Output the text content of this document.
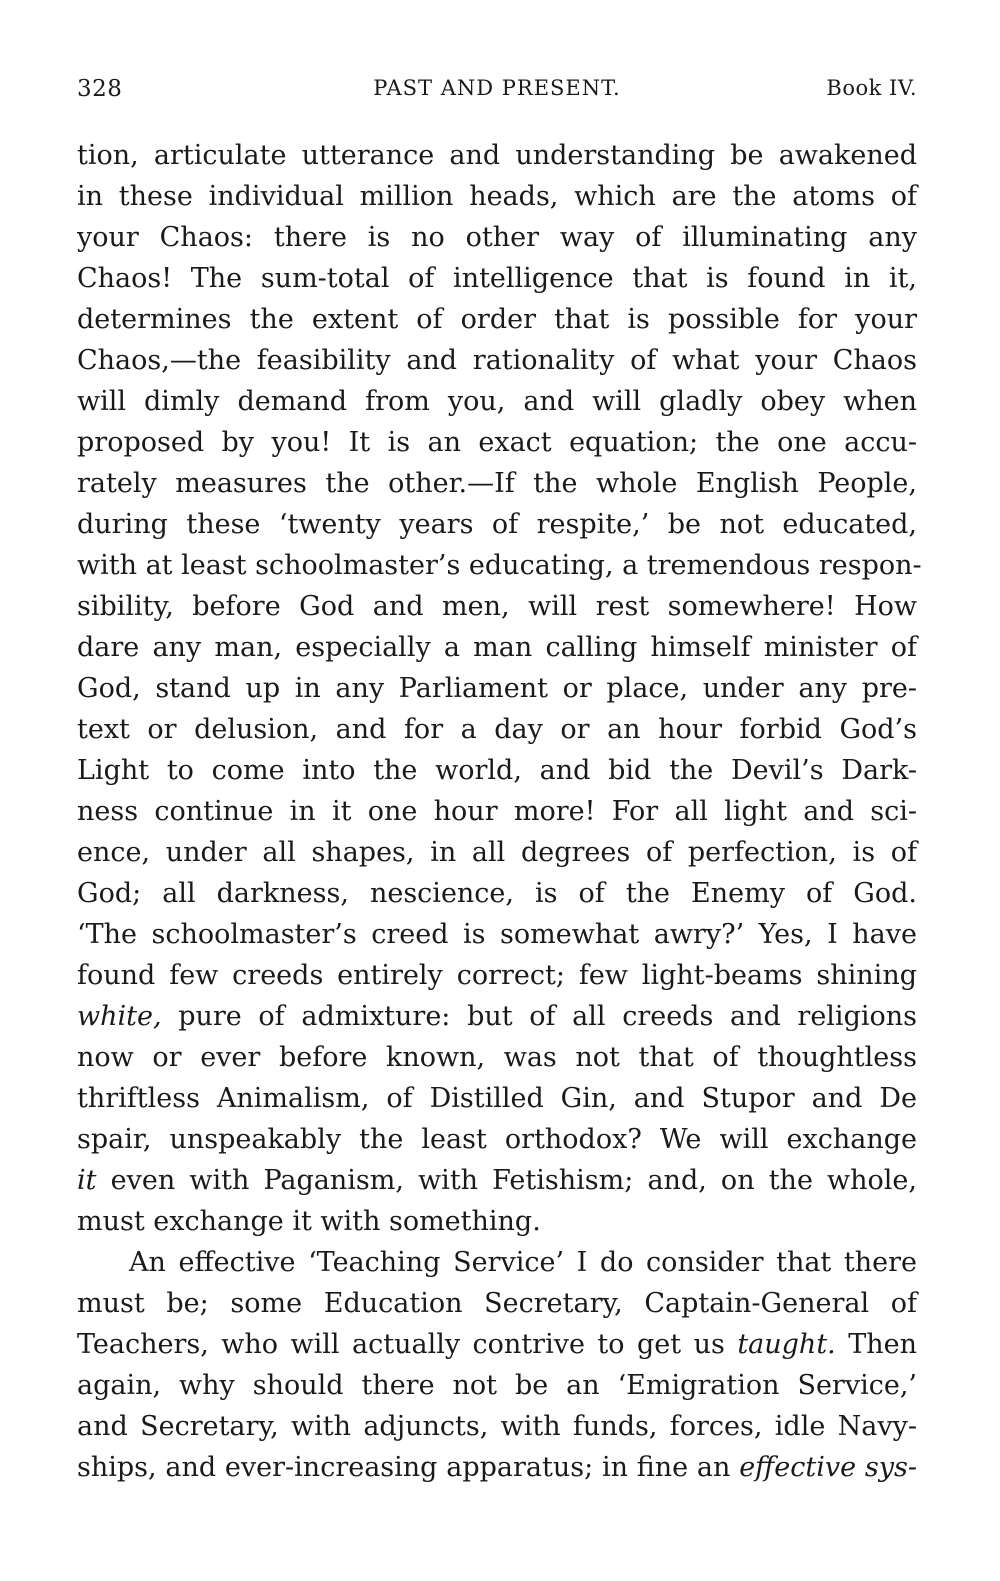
328	PAST AND PRESENT.	Book IV.
tion, articulate utterance and understanding be awakened
in these individual million heads, which are the atoms of
your Chaos: there is no other way of illuminating any
Chaos! The sum-total of intelligence that is found in it,
determines the extent of order that is possible for your
Chaos,—the feasibility and rationality of what your Chaos
will dimly demand from you, and will gladly obey when
proposed by you! It is an exact equation; the one accu-
rately measures the other.—If the whole English People,
during these ‘twenty years of respite,’ be not educated,
with at least schoolmaster’s educating, a tremendous respon-
sibility, before God and men, will rest somewhere! How
dare any man, especially a man calling himself minister of
God, stand up in any Parliament or place, under any pre-
text or delusion, and for a day or an hour forbid God’s
Light to come into the world, and bid the Devil’s Dark-
ness continue in it one hour more! For all light and sci-
ence, under all shapes, in all degrees of perfection, is of
God; all darkness, nescience, is of the Enemy of God.
‘The schoolmaster’s creed is somewhat awry?’ Yes, I have
found few creeds entirely correct; few light-beams shining
white, pure of admixture: but of all creeds and religions
now or ever before known, was not that of thoughtless
thriftless Animalism, of Distilled Gin, and Stupor and De
spair, unspeakably the least orthodox? We will exchange
it even with Paganism, with Fetishism; and, on the whole,
must exchange it with something.
An effective ‘Teaching Service’ I do consider that there
must be; some Education Secretary, Captain-General of
Teachers, who will actually contrive to get us taught. Then
again, why should there not be an ‘Emigration Service,’
and Secretary, with adjuncts, with funds, forces, idle Navy-
ships, and ever-increasing apparatus; in fine an effective sys-
